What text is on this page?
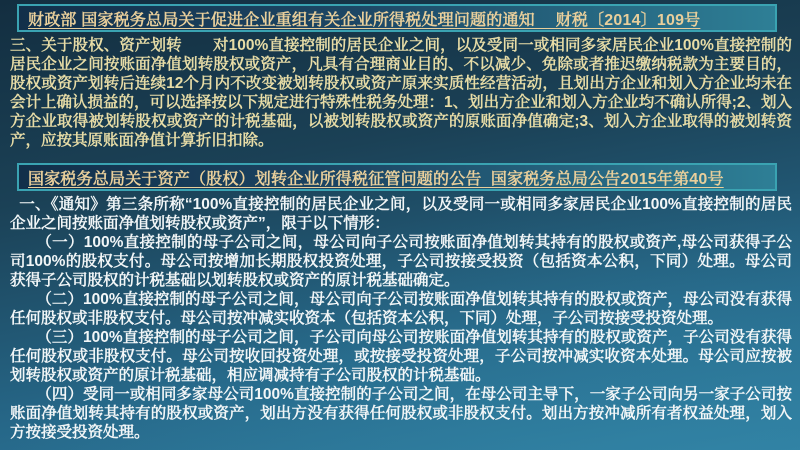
财政部 国家税务总局关于促进企业重组有关企业所得税处理问题的通知　 财税〔2014〕109号
三、关于股权、资产划转　　对100%直接控制的居民企业之间，以及受同一或相同多家居民企业100%直接控制的居民企业之间按账面净值划转股权或资产，凡具有合理商业目的、不以减少、免除或者推迟缴纳税款为主要目的，股权或资产划转后连续12个月内不改变被划转股权或资产原来实质性经营活动，且划出方企业和划入方企业均未在会计上确认损益的，可以选择按以下规定进行特殊性税务处理：1、划出方企业和划入方企业均不确认所得;2、划入方企业取得被划转股权或资产的计税基础，以被划转股权或资产的原账面净值确定;3、划入方企业取得的被划转资产，应按其原账面净值计算折旧扣除。
国家税务总局关于资产（股权）划转企业所得税征管问题的公告  国家税务总局公告2015年第40号

一、《通知》第三条所称“100%直接控制的居民企业之间，以及受同一或相同多家居民企业100%直接控制的居民企业之间按账面净值划转股权或资产”，限于以下情形：

（一）100%直接控制的母子公司之间，母公司向子公司按账面净值划转其持有的股权或资产,母公司获得子公司100%的股权支付。母公司按增加长期股权投资处理，子公司按接受投资（包括资本公积，下同）处理。母公司获得子公司股权的计税基础以划转股权或资产的原计税基础确定。

（二）100%直接控制的母子公司之间，母公司向子公司按账面净值划转其持有的股权或资产，母公司没有获得任何股权或非股权支付。母公司按冲减实收资本（包括资本公积，下同）处理，子公司按接受投资处理。

（三）100%直接控制的母子公司之间，子公司向母公司按账面净值划转其持有的股权或资产，子公司没有获得任何股权或非股权支付。母公司按收回投资处理，或按接受投资处理，子公司按冲减实收资本处理。母公司应按被划转股权或资产的原计税基础，相应调减持有子公司股权的计税基础。

（四）受同一或相同多家母公司100%直接控制的子公司之间，在母公司主导下，一家子公司向另一家子公司按账面净值划转其持有的股权或资产，划出方没有获得任何股权或非股权支付。划出方按冲减所有者权益处理，划入方按接受投资处理。
